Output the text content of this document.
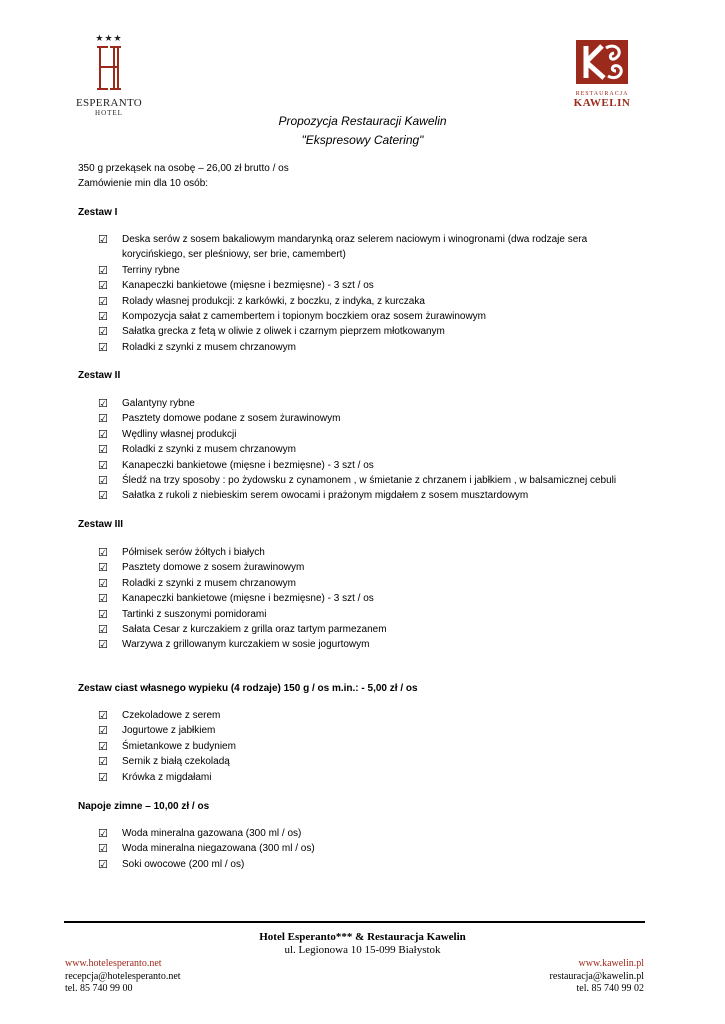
★★★
ESPERANTO
HOTEL
RESTAURACJA
KAWELIN
Propozycja Restauracji Kawelin
"Ekspresowy Catering"
350 g przekąsek na osobę – 26,00 zł brutto / os
Zamówienie min dla 10 osób:
Zestaw I
☑ Deska serów z sosem bakaliowym mandarynką oraz selerem naciowym i winogronami (dwa rodzaje sera korycińskiego, ser pleśniowy, ser brie, camembert)
☑ Terriny rybne
☑ Kanapeczki bankietowe (mięsne i bezmięsne) - 3 szt / os
☑ Rolady własnej produkcji: z karkówki, z boczku, z indyka, z kurczaka
☑ Kompozycja sałat z camembertem i topionym boczkiem oraz sosem żurawinowym
☑ Sałatka grecka z fetą w oliwie z oliwek i czarnym pieprzem młotkowanym
☑ Roladki z szynki z musem chrzanowym
Zestaw II
☑ Galantyny rybne
☑ Pasztety domowe podane z sosem żurawinowym
☑ Wędliny własnej produkcji
☑ Roladki z szynki z musem chrzanowym
☑ Kanapeczki bankietowe (mięsne i bezmięsne) - 3 szt / os
☑ Śledź na trzy sposoby : po żydowsku z cynamonem , w śmietanie z chrzanem i jabłkiem , w balsamicznej cebuli
☑ Sałatka z rukoli z niebieskim serem owocami i prażonym migdałem z sosem musztardowym
Zestaw III
☑ Półmisek serów żółtych i białych
☑ Pasztety domowe z sosem żurawinowym
☑ Roladki z szynki z musem chrzanowym
☑ Kanapeczki bankietowe (mięsne i bezmięsne) - 3 szt / os
☑ Tartinki z suszonymi pomidorami
☑ Sałata Cesar z kurczakiem z grilla oraz tartym parmezanem
☑ Warzywa z grillowanym kurczakiem w sosie jogurtowym
Zestaw ciast własnego wypieku (4 rodzaje) 150 g / os m.in.: - 5,00 zł / os
☑ Czekoladowe z serem
☑ Jogurtowe z jabłkiem
☑ Śmietankowe z budyniem
☑ Sernik z białą czekoladą
☑ Krówka z migdałami
Napoje zimne – 10,00 zł / os
☑ Woda mineralna gazowana (300 ml / os)
☑ Woda mineralna niegazowana (300 ml / os)
☑ Soki owocowe (200 ml / os)
Hotel Esperanto*** & Restauracja Kawelin
ul. Legionowa 10 15-099 Białystok
www.hotelesperanto.net
recepcja@hotelesperanto.net
tel. 85 740 99 00
www.kawelin.pl
restauracja@kawelin.pl
tel. 85 740 99 02
